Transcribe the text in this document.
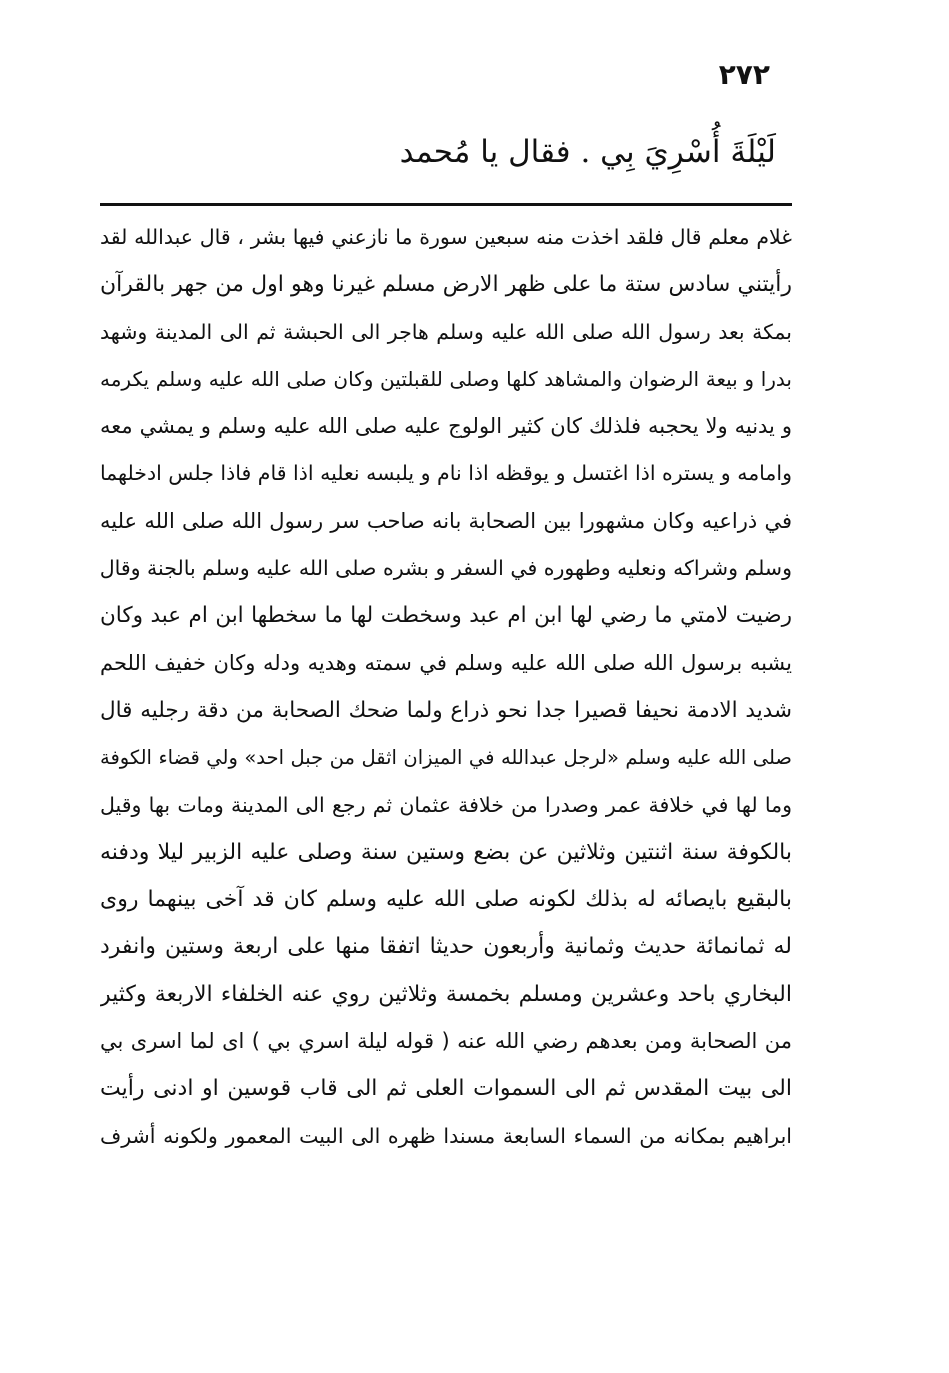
٢٧٢
لَيْلَةَ أُسْرِيَ بِي . فقال يا مُحمد
غلام معلم قال فلقد اخذت منه سبعين سورة ما نازعني فيها بشر ، قال عبدالله لقد
رأيتني سادس ستة ما على ظهر الارض مسلم غيرنا وهو اول من جهر بالقرآن
بمكة بعد رسول الله صلى الله عليه وسلم هاجر الى الحبشة ثم الى المدينة وشهد
بدرا و بيعة الرضوان والمشاهد كلها وصلى للقبلتين وكان صلى الله عليه وسلم يكرمه
و يدنيه ولا يحجبه فلذلك كان كثير الولوج عليه صلى الله عليه وسلم و يمشي معه
وامامه و يستره اذا اغتسل و يوقظه اذا نام و يلبسه نعليه اذا قام فاذا جلس ادخلهما
في ذراعيه وكان مشهورا بين الصحابة بانه صاحب سر رسول الله صلى الله عليه
وسلم وشراكه ونعليه وطهوره في السفر و بشره صلى الله عليه وسلم بالجنة وقال
رضيت لامتي ما رضي لها ابن ام عبد وسخطت لها ما سخطها ابن ام عبد وكان
يشبه برسول الله صلى الله عليه وسلم في سمته وهديه ودله وكان خفيف اللحم
شديد الادمة نحيفا قصيرا جدا نحو ذراع ولما ضحك الصحابة من دقة رجليه قال
صلى الله عليه وسلم «لرجل عبدالله في الميزان اثقل من جبل احد» ولي قضاء الكوفة
وما لها في خلافة عمر وصدرا من خلافة عثمان ثم رجع الى المدينة ومات بها وقيل
بالكوفة سنة اثنتين وثلاثين عن بضع وستين سنة وصلى عليه الزبير ليلا ودفنه
بالبقيع بايصائه له بذلك لكونه صلى الله عليه وسلم كان قد آخى بينهما روى
له ثمانمائة حديث وثمانية وأربعون حديثا اتفقا منها على اربعة وستين وانفرد
البخاري باحد وعشرين ومسلم بخمسة وثلاثين روي عنه الخلفاء الاربعة وكثير
من الصحابة ومن بعدهم رضي الله عنه ( قوله ليلة اسري بي ) اى لما اسرى بي
الى بيت المقدس ثم الى السموات العلى ثم الى قاب قوسين او ادنى رأيت
ابراهيم بمكانه من السماء السابعة مسندا ظهره الى البيت المعمور ولكونه أشرف
